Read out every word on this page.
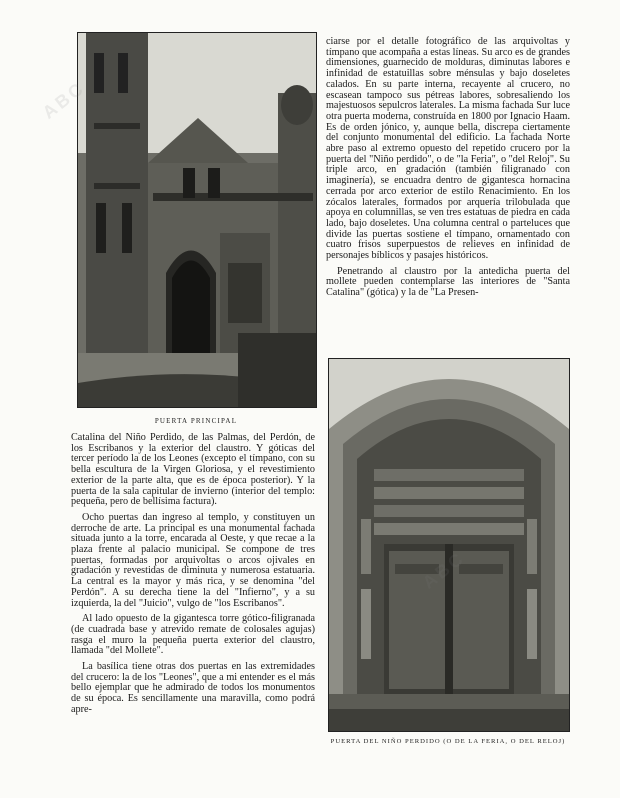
PUERTA PRINCIPAL
PUERTA DEL NIÑO PERDIDO (O DE LA FERIA, O DEL RELOJ)

ciarse por el detalle fotográfico de las arquivoltas y tímpano que acompaña a estas líneas. Su arco es de grandes dimensiones, guarnecido de molduras, diminutas labores e infinidad de estatuillas sobre ménsulas y bajo doseletes calados. En su parte interna, recayente al crucero, no escasean tampoco sus pétreas labores, sobresaliendo los majestuosos sepulcros laterales. La misma fachada Sur luce otra puerta moderna, construída en 1800 por Ignacio Haam. Es de orden jónico, y, aunque bella, discrepa ciertamente del conjunto monumental del edificio. La fachada Norte abre paso al extremo opuesto del repetido crucero por la puerta del "Niño perdido", o de "la Feria", o "del Reloj". Su triple arco, en gradación (también filigranado con imaginería), se encuadra dentro de gigantesca hornacina cerrada por arco exterior de estilo Renacimiento. En los zócalos laterales, formados por arquería trilobulada que apoya en columnillas, se ven tres estatuas de piedra en cada lado, bajo doseletes. Una columna central o parteluces que divide las puertas sostiene el tímpano, ornamentado con cuatro frisos superpuestos de relieves en infinidad de personajes bíblicos y pasajes históricos.

Penetrando al claustro por la antedicha puerta del mollete pueden contemplarse las interiores de "Santa Catalina" (gótica) y la de "La Presen-

Catalina del Niño Perdido, de las Palmas, del Perdón, de los Escribanos y la exterior del claustro. Y góticas del tercer período la de los Leones (excepto el tímpano, con su bella escultura de la Virgen Gloriosa, y el revestimiento exterior de la parte alta, que es de época posterior). Y la puerta de la sala capitular de invierno (interior del templo: pequeña, pero de bellísima factura).

Ocho puertas dan ingreso al templo, y constituyen un derroche de arte. La principal es una monumental fachada situada junto a la torre, encarada al Oeste, y que recae a la plaza frente al palacio municipal. Se compone de tres puertas, formadas por arquivoltas o arcos ojivales en gradación y revestidas de diminuta y numerosa estatuaria. La central es la mayor y más rica, y se denomina "del Perdón". A su derecha tiene la del "Infierno", y a su izquierda, la del "Juicio", vulgo de "los Escribanos".

Al lado opuesto de la gigantesca torre gótico-filigranada (de cuadrada base y atrevido remate de colosales agujas) rasga el muro la pequeña puerta exterior del claustro, llamada "del Mollete".

La basílica tiene otras dos puertas en las extremidades del crucero: la de los "Leones", que a mi entender es el más bello ejemplar que he admirado de todos los monumentos de su época. Es sencillamente una maravilla, como podrá apre-

ABC
